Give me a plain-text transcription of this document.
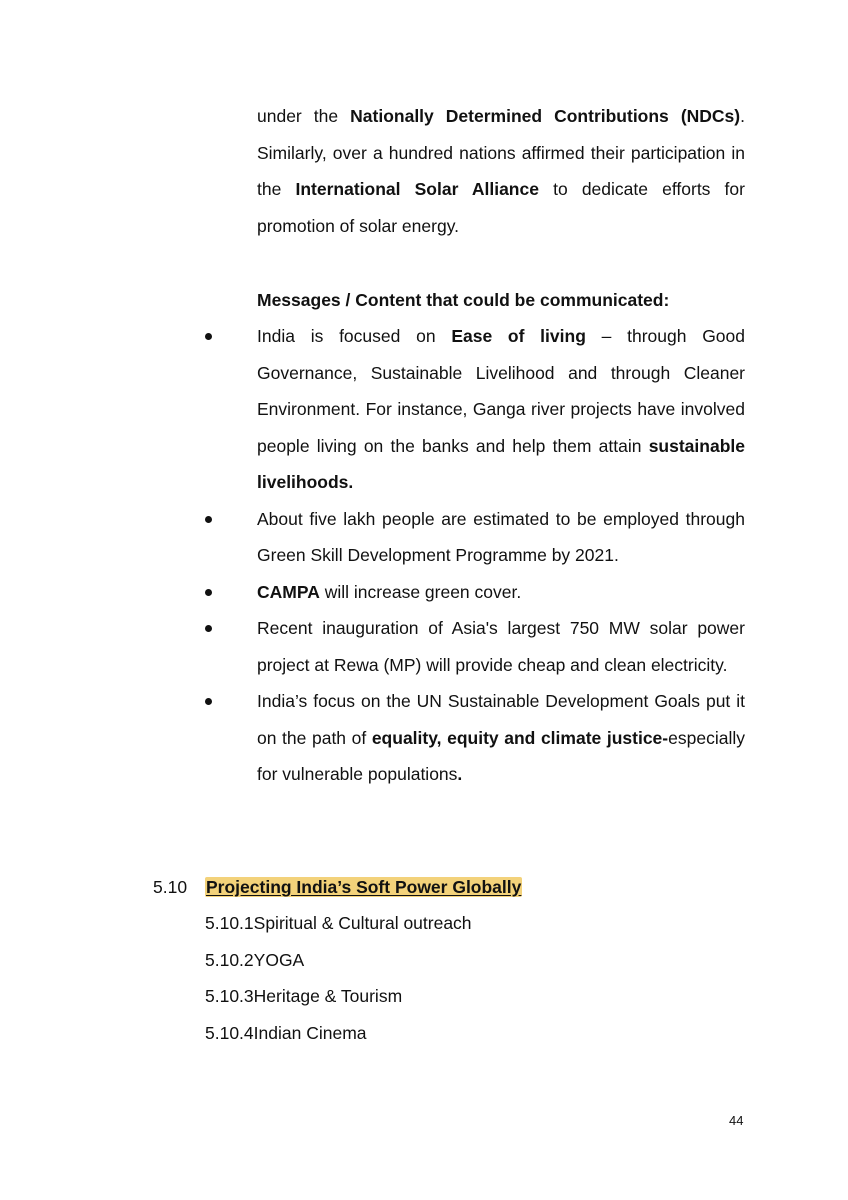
under the Nationally Determined Contributions (NDCs). Similarly, over a hundred nations affirmed their participation in the International Solar Alliance to dedicate efforts for promotion of solar energy.
Messages / Content that could be communicated:
India is focused on Ease of living – through Good Governance, Sustainable Livelihood and through Cleaner Environment. For instance, Ganga river projects have involved people living on the banks and help them attain sustainable livelihoods.
About five lakh people are estimated to be employed through Green Skill Development Programme by 2021.
CAMPA will increase green cover.
Recent inauguration of Asia's largest 750 MW solar power project at Rewa (MP) will provide cheap and clean electricity.
India’s focus on the UN Sustainable Development Goals put it on the path of equality, equity and climate justice-especially for vulnerable populations.
5.10 Projecting India’s Soft Power Globally
5.10.1Spiritual & Cultural outreach
5.10.2YOGA
5.10.3Heritage & Tourism
5.10.4Indian Cinema
44
